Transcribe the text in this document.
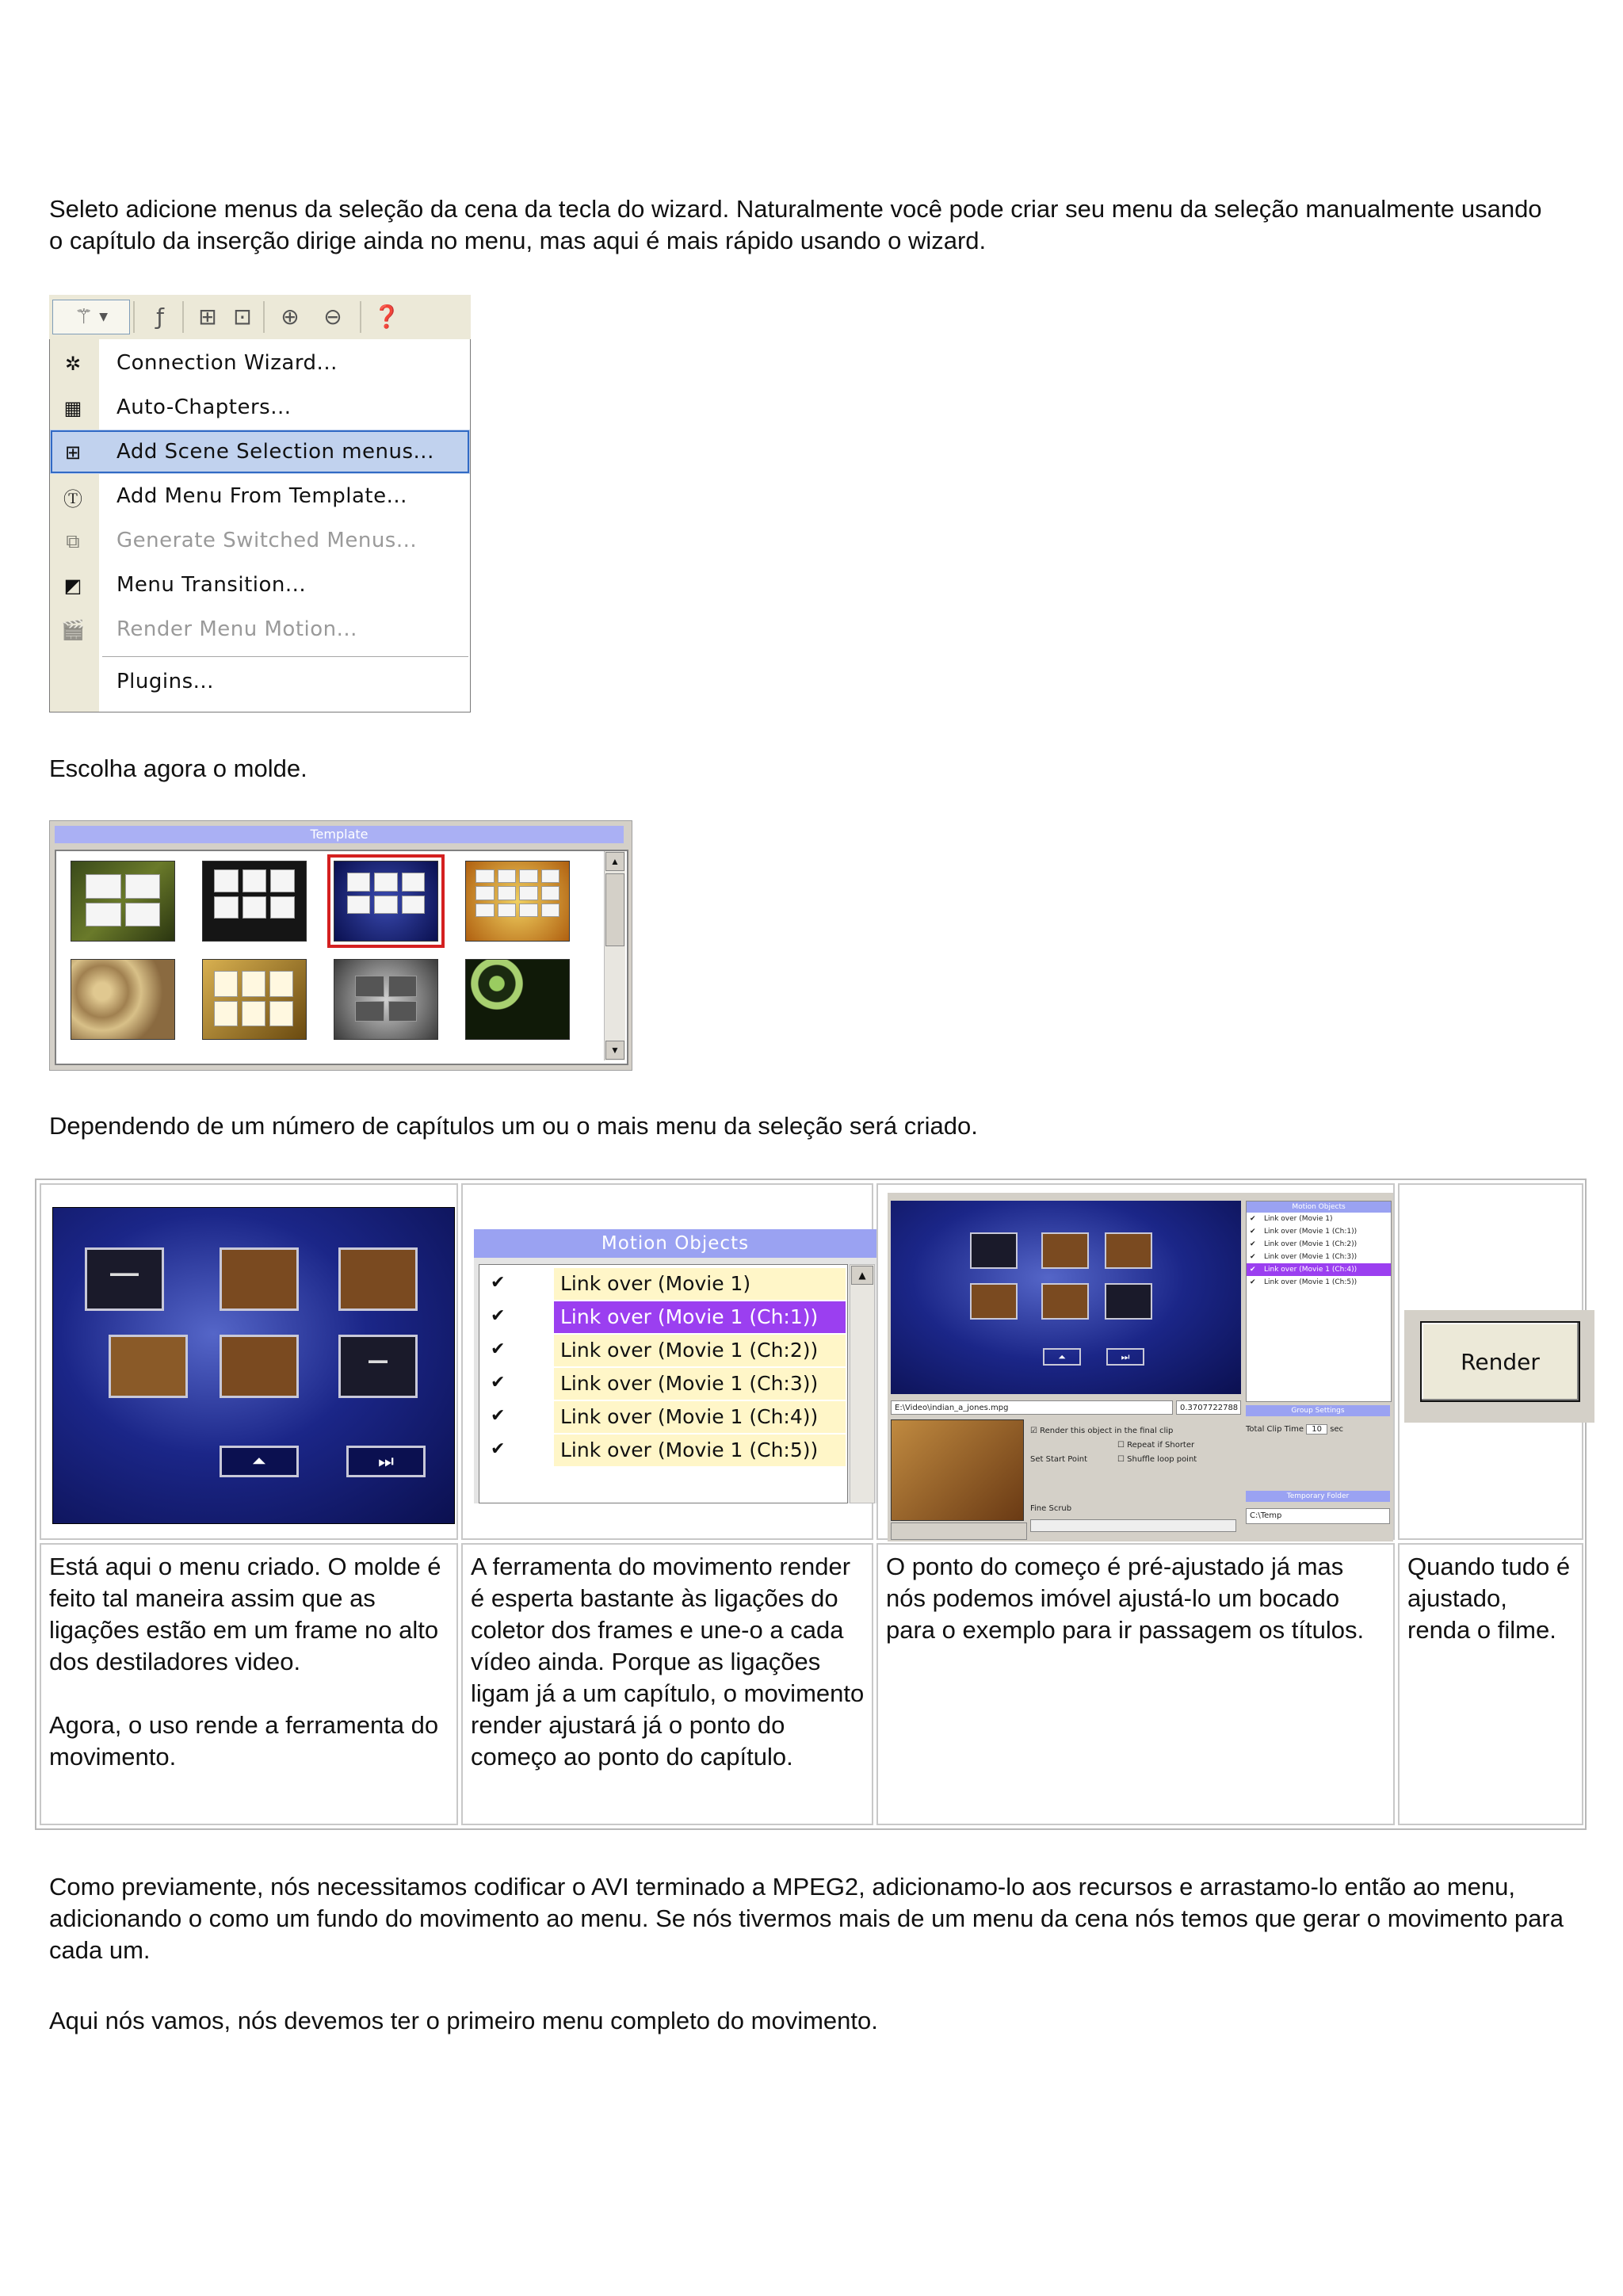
Seleto adicione menus da seleção da cena da tecla do wizard. Naturalmente você pode criar seu menu da seleção manualmente usando o capítulo da inserção dirige ainda no menu, mas aqui é mais rápido usando o wizard.

⚚ ▼	ƒ	⊞ ⊡	⊕	⊖	❓
✲	Connection Wizard...
▦ Auto-Chapters...
⊞	Add Scene Selection menus...
Ⓣ Add Menu From Template...
⧉	Generate Switched Menus...
◩ Menu Transition...
🎬 Render Menu Motion...
Plugins...

Escolha agora o molde.

Template
▲
▼

Dependendo de um número de capítulos um ou o mais menu da seleção será criado.

▬▬▬
▬▬
⏶	⏭
Motion Objects
✔	Link over (Movie 1)
✔	Link over (Movie 1 (Ch:1))
✔	Link over (Movie 1 (Ch:2))
✔	Link over (Movie 1 (Ch:3))
✔	Link over (Movie 1 (Ch:4))
✔	Link over (Movie 1 (Ch:5))
▲
⏶	⏭
Motion Objects
✔ Link over (Movie 1)
✔ Link over (Movie 1 (Ch:1))
✔ Link over (Movie 1 (Ch:2))
✔ Link over (Movie 1 (Ch:3))
✔ Link over (Movie 1 (Ch:4))
✔ Link over (Movie 1 (Ch:5))
E:\Video\indian_a_jones.mpg	0.3707722788
☑ Render this object in the final clip
☐ Repeat if Shorter
Set Start Point	☐ Shuffle loop point
Fine Scrub
Group Settings
Total Clip Time 10 sec
Temporary Folder
C:\Temp
Render

Está aqui o menu criado. O molde é feito tal maneira assim que as ligações estão em um frame no alto dos destiladores video.

Agora, o uso rende a ferramenta do movimento.

A ferramenta do movimento render é esperta bastante às ligações do coletor dos frames e une-o a cada vídeo ainda. Porque as ligações ligam já a um capítulo, o movimento render ajustará já o ponto do começo ao ponto do capítulo.

O ponto do começo é pré-ajustado já mas nós podemos imóvel ajustá-lo um bocado para o exemplo para ir passagem os títulos.

Quando tudo é ajustado, renda o filme.

Como previamente, nós necessitamos codificar o AVI terminado a MPEG2, adicionamo-lo aos recursos e arrastamo-lo então ao menu, adicionando o como um fundo do movimento ao menu. Se nós tivermos mais de um menu da cena nós temos que gerar o movimento para cada um.

Aqui nós vamos, nós devemos ter o primeiro menu completo do movimento.
